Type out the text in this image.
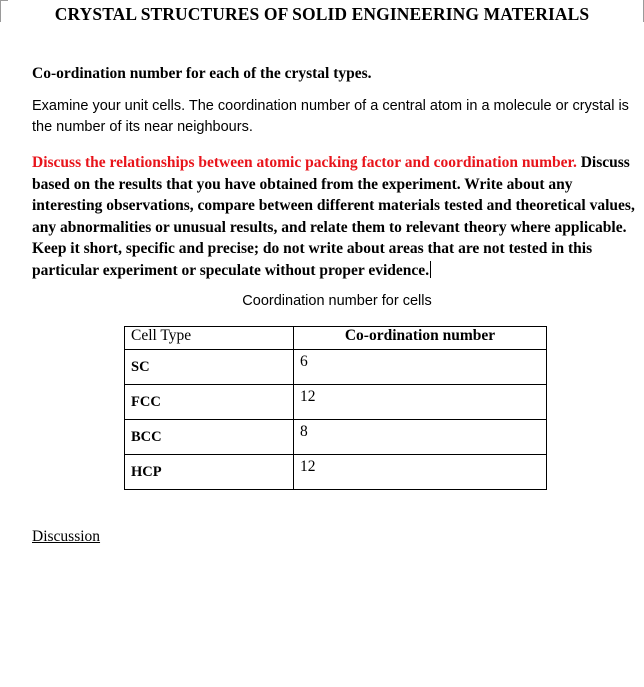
CRYSTAL STRUCTURES OF SOLID ENGINEERING MATERIALS
Co-ordination number for each of the crystal types.
Examine your unit cells. The coordination number of a central atom in a molecule or crystal is the number of its near neighbours.
Discuss the relationships between atomic packing factor and coordination number. Discuss based on the results that you have obtained from the experiment. Write about any interesting observations, compare between different materials tested and theoretical values, any abnormalities or unusual results, and relate them to relevant theory where applicable. Keep it short, specific and precise; do not write about areas that are not tested in this particular experiment or speculate without proper evidence.
Coordination number for cells
Cell Type	Co-ordination number
SC	6
FCC	12
BCC	8
HCP	12
Discussion
